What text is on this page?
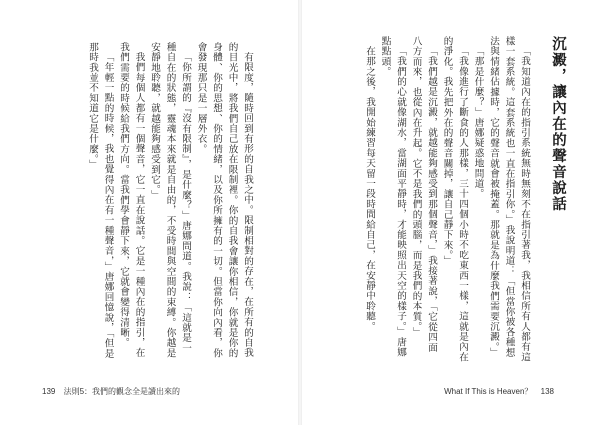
有限度，隨時回到有形的自我之中。限制相對的存在，在所有的自我的目光中，將我們自己放在限制裡。你的自我會讓你相信，你就是你的身體、你的思想、你的情緒，以及你所擁有的一切。但當你向內看，你會發現那只是一層外衣。

「你所謂的『沒有限制』，是什麼？」唐娜問道。我說：「這就是一種自在的狀態，靈魂本來就是自由的，不受時間與空間的束縛。你越是安靜地聆聽，就越能夠感受到它。」

我們每個人都有一個聲音，它一直在說話。它是一種內在的指引，在我們需要的時候給我們方向。當我們學會靜下來，它就會變得清晰。

「年輕一點的時候，我也覺得內在有一種聲音，」唐娜回憶說，「但是那時我並不知道它是什麼。」

139 法則5：我們的觀念全是讀出來的
沉澱，讓內在的聲音說話

「我知道內在的指引系統無時無刻不在指引著我，我相信所有人都有這樣一套系統。這套系統也一直在指引你。」我說明道：「但當你被各種想法與情緒佔據時，它的聲音就會被掩蓋。那就是為什麼我們需要沉澱。」

「那是什麼？」唐娜疑惑地問道。

「我像進行了斷食的人那樣，三十四個小時不吃東西一樣，這就是內在的淨化。我先把外在的聲音關掉，讓自己靜下來。」

「我們越是沉澱，就越能夠感受到那個聲音，」我接著說，「它從四面八方而來，也從內在升起。它不是我們的頭腦，而是我們的本質。」

「我們的心就像湖水，當湖面平靜時，才能映照出天空的樣子。」唐娜點點頭。

在那之後，我開始練習每天留一段時間給自己，在安靜中聆聽。

What If This is Heaven？ 138
